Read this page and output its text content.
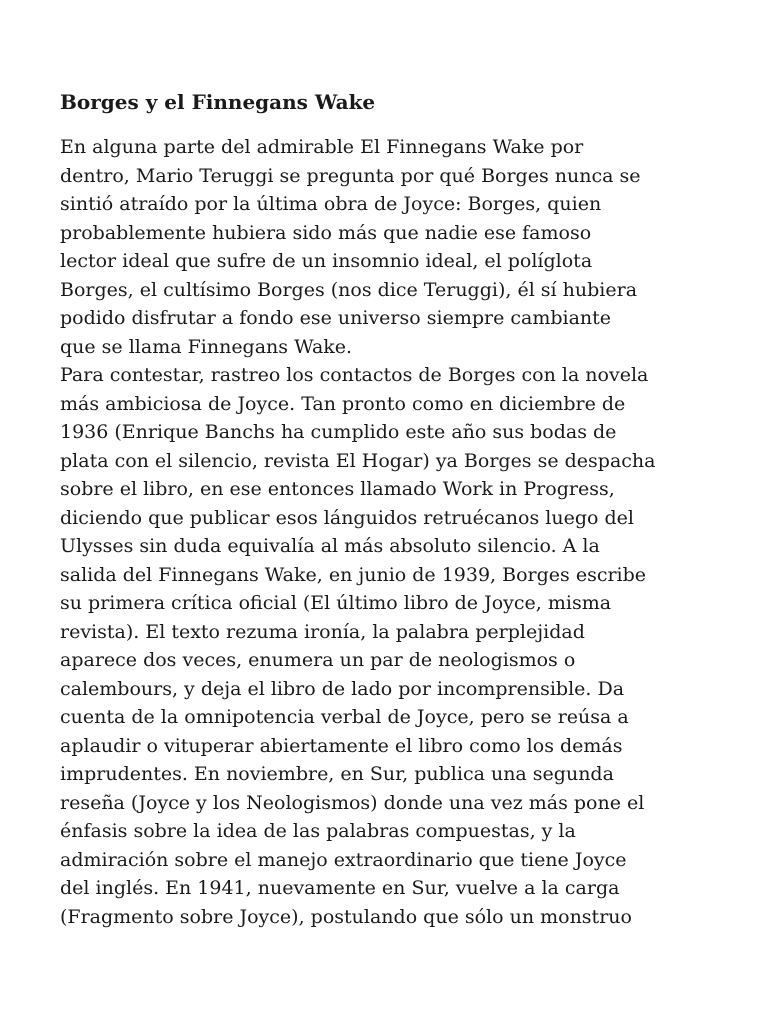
Borges y el Finnegans Wake
En alguna parte del admirable El Finnegans Wake por
dentro, Mario Teruggi se pregunta por qué Borges nunca se
sintió atraído por la última obra de Joyce: Borges, quien
probablemente hubiera sido más que nadie ese famoso
lector ideal que sufre de un insomnio ideal, el políglota
Borges, el cultísimo Borges (nos dice Teruggi), él sí hubiera
podido disfrutar a fondo ese universo siempre cambiante
que se llama Finnegans Wake.
Para contestar, rastreo los contactos de Borges con la novela
más ambiciosa de Joyce. Tan pronto como en diciembre de
1936 (Enrique Banchs ha cumplido este año sus bodas de
plata con el silencio, revista El Hogar) ya Borges se despacha
sobre el libro, en ese entonces llamado Work in Progress,
diciendo que publicar esos lánguidos retruécanos luego del
Ulysses sin duda equivalía al más absoluto silencio. A la
salida del Finnegans Wake, en junio de 1939, Borges escribe
su primera crítica oficial (El último libro de Joyce, misma
revista). El texto rezuma ironía, la palabra perplejidad
aparece dos veces, enumera un par de neologismos o
calembours, y deja el libro de lado por incomprensible. Da
cuenta de la omnipotencia verbal de Joyce, pero se reúsa a
aplaudir o vituperar abiertamente el libro como los demás
imprudentes. En noviembre, en Sur, publica una segunda
reseña (Joyce y los Neologismos) donde una vez más pone el
énfasis sobre la idea de las palabras compuestas, y la
admiración sobre el manejo extraordinario que tiene Joyce
del inglés. En 1941, nuevamente en Sur, vuelve a la carga
(Fragmento sobre Joyce), postulando que sólo un monstruo
